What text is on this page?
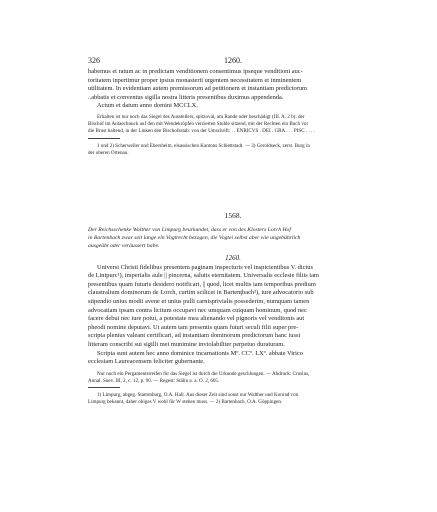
326	1260.

habemus et ratum ac in predictam venditionem consentimus ipseque venditioni auc-

toritatem inpertimur proper ipsius monasterii urgentem necessitatem et inminentem

utilitatem. In evidentiam autem premissorum ad petitionem et instantiam predictorum

..abbatis et conventus sigilla nostra litteris presentibus duximus appendenda.

Actum et datum anno domini MCCLX.

Erhalten ist nur noch das Siegel des Ausstellers, spitzoval, am Rande oder beschädigt (III. A. 2 b): der

Bischof im Antaechnuck auf den mit Wendekröpfen verzierten Stuhle sitzend, mit der Rechten ein Buch vor

die Brust haltend, in der Linken den Bischofsstab: von der Umschrift: . . ENRICVS . DEI . GRA . . . PISC . . . .

1 und 2) Scherweiler und Ebersheim, elsassischen Kantons Schlettstadt. — 3) Geroldseck, zerst. Burg in

der oberen Ortenau.

1568.

Der Reichsschenke Walther von Limpurg beurkundet, dass er von des Klosters Lorch Hof

in Bartenbach zwar seit lange ein Vogtrecht bezogen, die Vogtei selbst aber wie ungebührlich

ausgeübt oder veräussert habe.

1260.

Universi Christi fidelibus presentem paginam inspecturis vel inspicientibus V. dictus

de Lintpurc¹), imperialis aule || pincerna, salutis eternitatem. Universalis ecclesie filiis tam

presentibus quam futuris desidero notificari, || quod, licet multis iam temporibus predium

claustralium dominorum de Lorch, curtim scilicet in Bartenţbach²), iure advocatorio sub

stipendio unius modii avene et unius pulli carnisprivialis possederim, numquam tamen

advocatiam ipsam contra licitum occupavi nec umquam cuiquam hominum, quod nec

facere debui nec iure potui, a potestate mea alienando vel pignoris vel venditonis aut

pheodi nomine deputavi. Ut autem tam presentis quam futuri seculi filii super pre-

scripta plenius valeant certificari, ad instantiam dominorum predictorum hanc iussi

litteram conscribi sui sigilli mei munimine inviolabiliter perpetuo duraturam.

Scripta sunt autem hec anno dominice incarnationis Mº. CCº. LXº. abbate Virico

ecclesiam Laureacensem feliciter gubernante.

Nur noch ein Pergamentstreifen für das Siegel ist durch die Urkunde geschlungen. — Abdruck: Crusius,

Annal. Suev. III, 2, c. 12, p. 90. — Regest: Stälin a. a. O. 2, 605.

1) Limpurg, abgeg. Stammburg, O.A. Hall. Aus dieser Zeit sind sonst nur Walther und Konrad von

Limpurg bekannt, daher obiges V wohl für W stehen muss. — 2) Bartenbach, O.A. Göppingen.
